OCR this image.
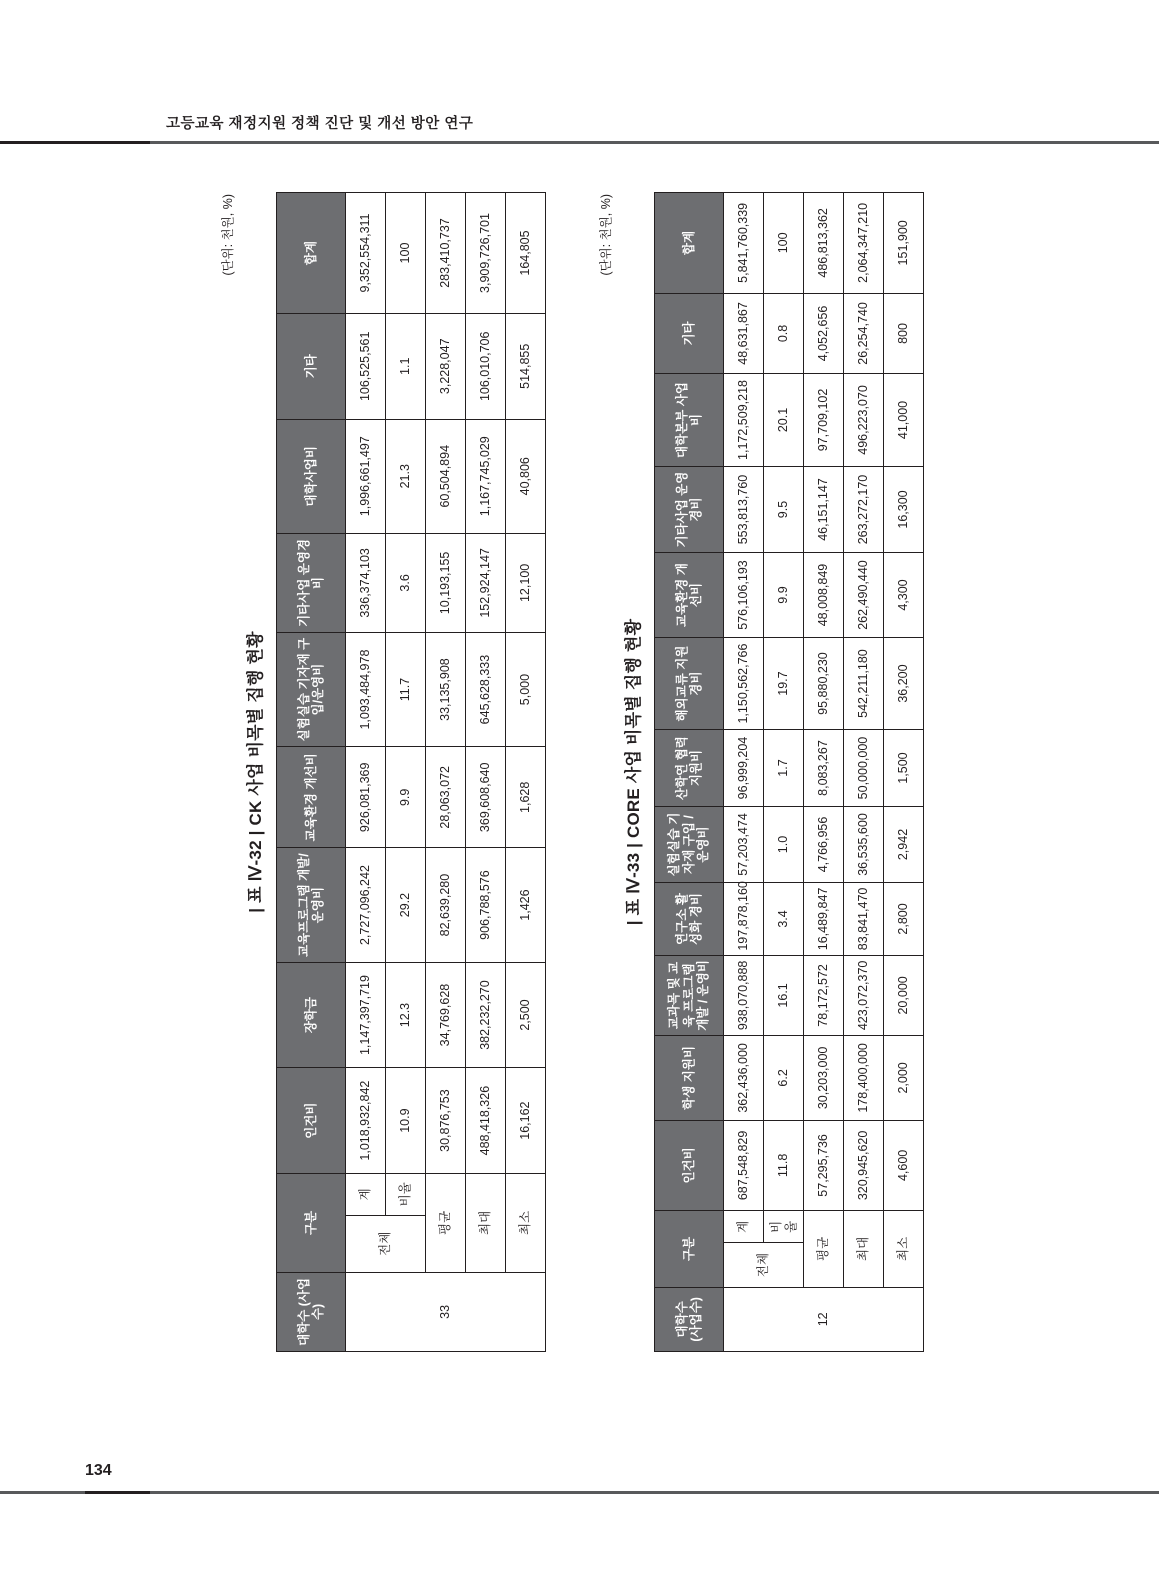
고등교육 재정지원 정책 진단 및 개선 방안 연구
(단위: 천원, %)
| 표 Ⅳ-32 | CK 사업 비목별 집행 현황
대학수 (사업수)	구분		인건비	장학금	교육프로그램 개발/운영비	교육환경 개선비	실험실습 기자재 구입/운영비	기타사업 운영경비	대학사업비	기타	합계
33	전체	계	1,018,932,842	1,147,397,719	2,727,096,242	926,081,369	1,093,484,978	336,374,103	1,996,661,497	106,525,561	9,352,554,311
		비율	10.9	12.3	29.2	9.9	11.7	3.6	21.3	1.1	100
	평균		30,876,753	34,769,628	82,639,280	28,063,072	33,135,908	10,193,155	60,504,894	3,228,047	283,410,737
	최대		488,418,326	382,232,270	906,788,576	369,608,640	645,628,333	152,924,147	1,167,745,029	106,010,706	3,909,726,701
	최소		16,162	2,500	1,426	1,628	5,000	12,100	40,806	514,855	164,805	(단위: 천원, %)
| 표 Ⅳ-33 | CORE 사업 비목별 집행 현황
대학수 (사업수)	구분		인건비	학생 지원비	교과목 및 교육 프로그램 개발 / 운영비	연구소 활성화 경비	실험실습 기자재 구입 / 운영비	산학연 협력 지원비	해외교류 지원 경비	교육환경 개선비	기타사업 운영경비	대학본부 사업비	기타	합계
12	전체	계	687,548,829	362,436,000	938,070,888	197,878,160	57,203,474	96,999,204	1,150,562,766	576,106,193	553,813,760	1,172,509,218	48,631,867	5,841,760,339
		비율	11.8	6.2	16.1	3.4	1.0	1.7	19.7	9.9	9.5	20.1	0.8	100
	평균		57,295,736	30,203,000	78,172,572	16,489,847	4,766,956	8,083,267	95,880,230	48,008,849	46,151,147	97,709,102	4,052,656	486,813,362
	최대		320,945,620	178,400,000	423,072,370	83,841,470	36,535,600	50,000,000	542,211,180	262,490,440	263,272,170	496,223,070	26,254,740	2,064,347,210
	최소		4,600	2,000	20,000	2,800	2,942	1,500	36,200	4,300	16,300	41,000	800	151,900
134
